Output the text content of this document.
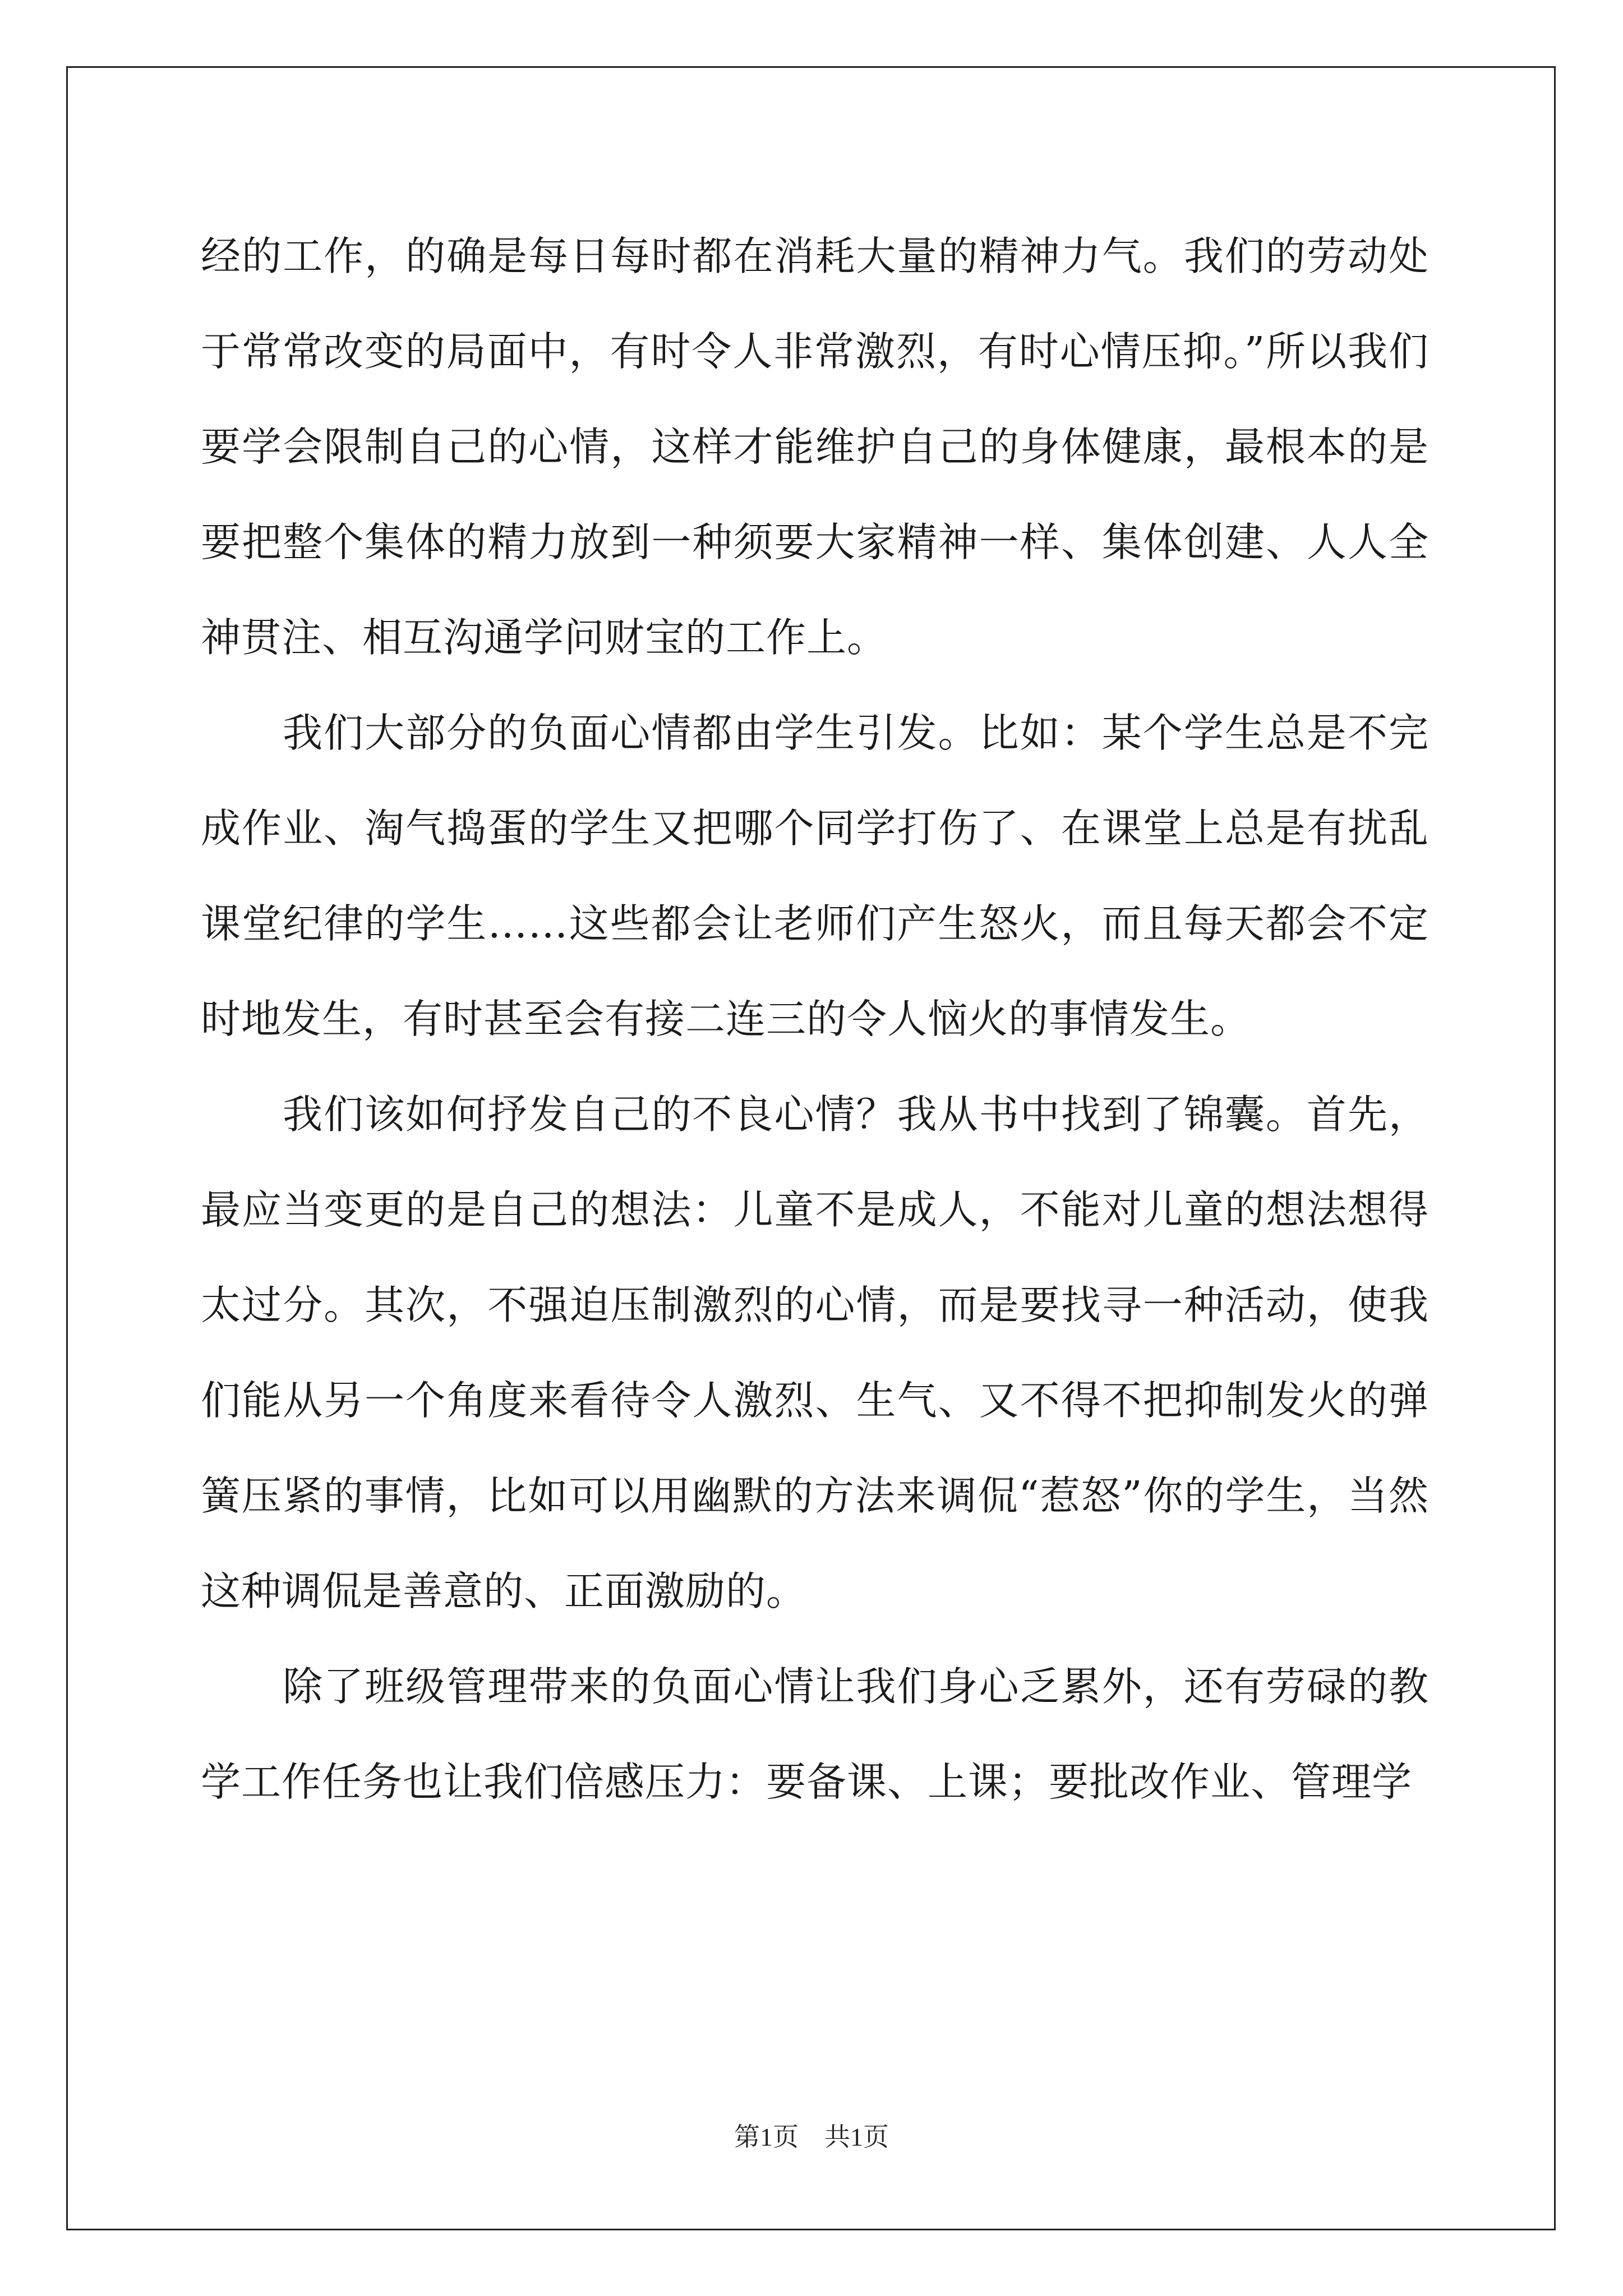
经的工作，的确是每日每时都在消耗大量的精神力气。我们的劳动处于常常改变的局面中，有时令人非常激烈，有时心情压抑。”所以我们要学会限制自己的心情，这样才能维护自己的身体健康，最根本的是要把整个集体的精力放到一种须要大家精神一样、集体创建、人人全神贯注、相互沟通学问财宝的工作上。

我们大部分的负面心情都由学生引发。比如：某个学生总是不完成作业、淘气捣蛋的学生又把哪个同学打伤了、在课堂上总是有扰乱课堂纪律的学生……这些都会让老师们产生怒火，而且每天都会不定时地发生，有时甚至会有接二连三的令人恼火的事情发生。

我们该如何抒发自己的不良心情？我从书中找到了锦囊。首先，最应当变更的是自己的想法：儿童不是成人，不能对儿童的想法想得太过分。其次，不强迫压制激烈的心情，而是要找寻一种活动，使我们能从另一个角度来看待令人激烈、生气、又不得不把抑制发火的弹簧压紧的事情，比如可以用幽默的方法来调侃“惹怒”你的学生，当然这种调侃是善意的、正面激励的。

除了班级管理带来的负面心情让我们身心乏累外，还有劳碌的教学工作任务也让我们倍感压力：要备课、上课；要批改作业、管理学

第1页 共1页
